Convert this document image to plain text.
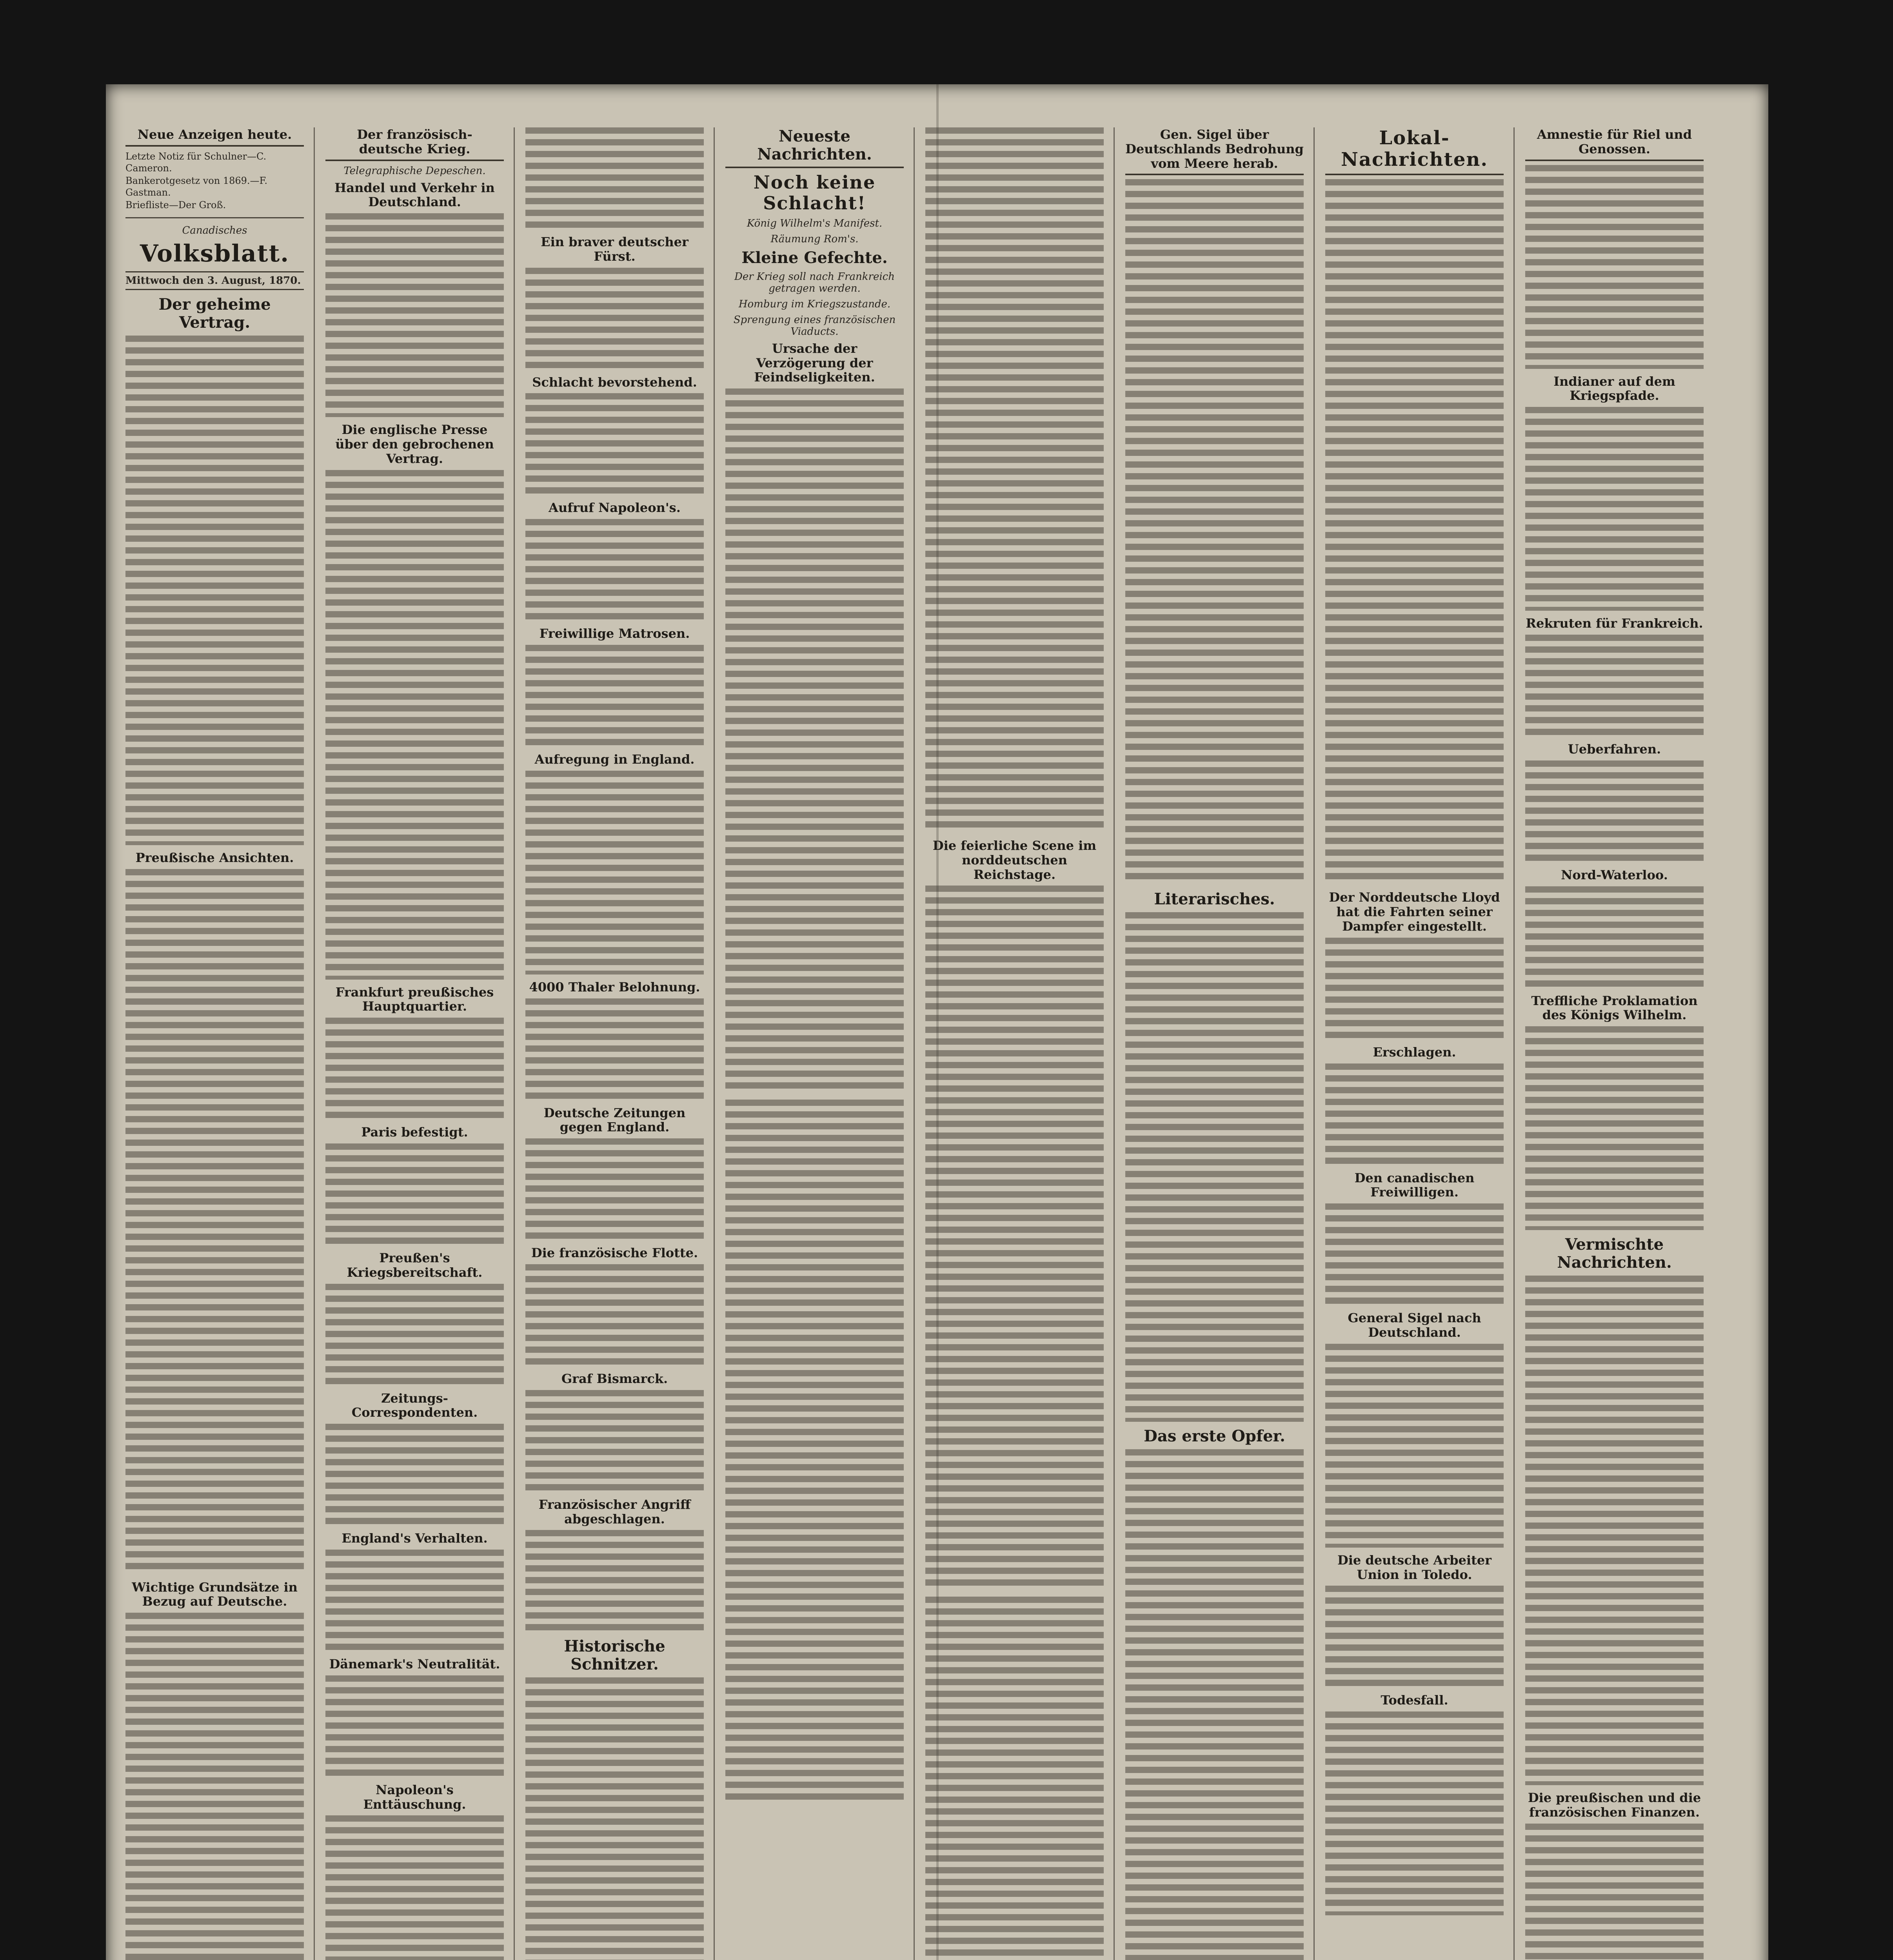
Neue Anzeigen heute.
Letzte Notiz für Schulner—C. Cameron.
Bankerotgesetz von 1869.—F. Gastman.
Briefliste—Der Groß.
Canadisches
Volksblatt.
Mittwoch den 3. August, 1870.
Der geheime Vertrag.
Preußische Ansichten.
Wichtige Grundsätze in Bezug auf Deutsche.
Der französisch-deutsche Krieg.
Telegraphische Depeschen.
Handel und Verkehr in Deutschland.
Die englische Presse über den gebrochenen Vertrag.
Frankfurt preußisches Hauptquartier.
Paris befestigt.
Preußen's Kriegsbereitschaft.
Zeitungs-Correspondenten.
England's Verhalten.
Dänemark's Neutralität.
Napoleon's Enttäuschung.
Ein braver deutscher Fürst.
Schlacht bevorstehend.
Aufruf Napoleon's.
Freiwillige Matrosen.
Aufregung in England.
4000 Thaler Belohnung.
Deutsche Zeitungen gegen England.
Die französische Flotte.
Graf Bismarck.
Französischer Angriff abgeschlagen.
Historische Schnitzer.
Neueste Nachrichten.
Noch keine Schlacht!
König Wilhelm's Manifest.
Räumung Rom's.
Kleine Gefechte.
Der Krieg soll nach Frankreich getragen werden.
Homburg im Kriegszustande.
Sprengung eines französischen Viaducts.
Ursache der Verzögerung der Feindseligkeiten.
Die feierliche Scene im norddeutschen Reichstage.
Gen. Sigel über Deutschlands Bedrohung vom Meere herab.
Literarisches.
Das erste Opfer.
Lokal-Nachrichten.
Der Norddeutsche Lloyd hat die Fahrten seiner Dampfer eingestellt.
Erschlagen.
Den canadischen Freiwilligen.
General Sigel nach Deutschland.
Die deutsche Arbeiter Union in Toledo.
Todesfall.
Amnestie für Riel und Genossen.
Indianer auf dem Kriegspfade.
Rekruten für Frankreich.
Ueberfahren.
Nord-Waterloo.
Treffliche Proklamation des Königs Wilhelm.
Vermischte Nachrichten.
Die preußischen und die französischen Finanzen.
